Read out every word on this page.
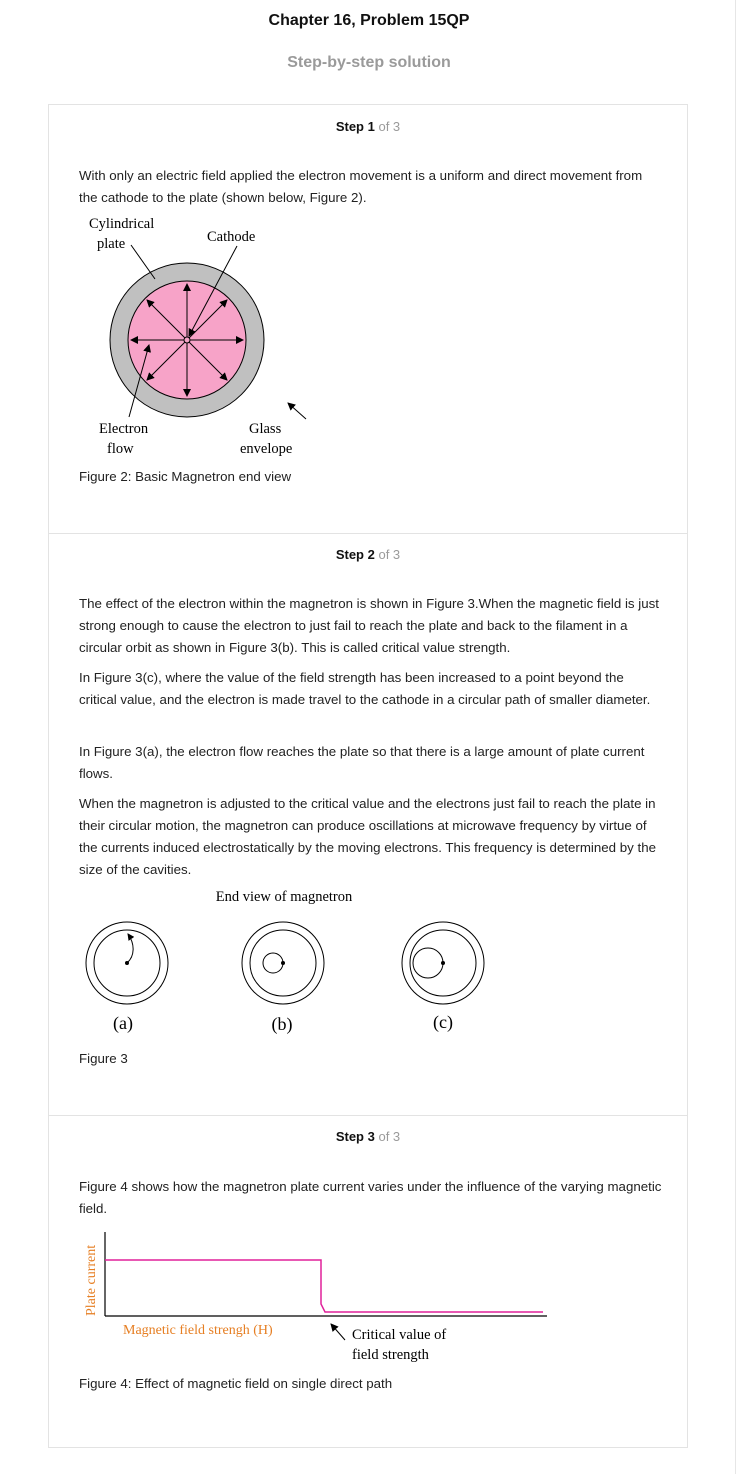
Chapter 16, Problem 15QP
Step-by-step solution
Step 1 of 3

With only an electric field applied the electron movement is a uniform and direct movement from the cathode to the plate (shown below, Figure 2).

Cylindrical
plate	Cathode
Electron
flow
Glass
envelope
Figure 2: Basic Magnetron end view
Step 2 of 3

The effect of the electron within the magnetron is shown in Figure 3.When the magnetic field is just strong enough to cause the electron to just fail to reach the plate and back to the filament in a circular orbit as shown in Figure 3(b). This is called critical value strength.

In Figure 3(c), where the value of the field strength has been increased to a point beyond the critical value, and the electron is made travel to the cathode in a circular path of smaller diameter.

In Figure 3(a), the electron flow reaches the plate so that there is a large amount of plate current flows.

When the magnetron is adjusted to the critical value and the electrons just fail to reach the plate in their circular motion, the magnetron can produce oscillations at microwave frequency by virtue of the currents induced electrostatically by the moving electrons. This frequency is determined by the size of the cavities.

End view of magnetron
(a)	(b)	(c)
Figure 3
Step 3 of 3

Figure 4 shows how the magnetron plate current varies under the influence of the varying magnetic field.

Plate current
Magnetic field strengh (H)	Critical value of
field strength
Figure 4: Effect of magnetic field on single direct path
